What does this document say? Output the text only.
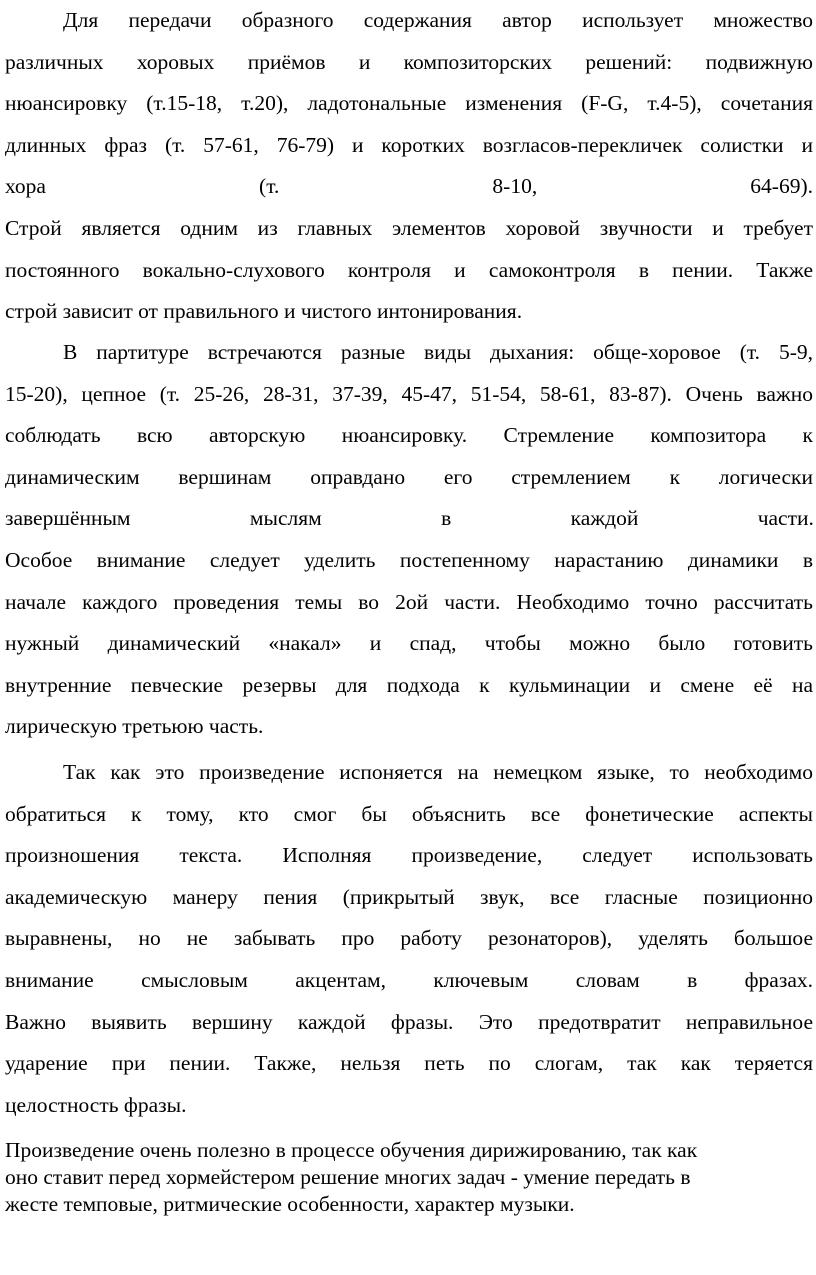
Для передачи образного содержания автор использует множество
различных хоровых приёмов и композиторских решений: подвижную
нюансировку (т.15-18, т.20), ладотональные изменения (F-G, т.4-5), сочетания
длинных фраз (т. 57-61, 76-79) и коротких возгласов-перекличек солистки и
хора (т. 8-10, 64-69).
Строй является одним из главных элементов хоровой звучности и требует
постоянного вокально-слухового контроля и самоконтроля в пении. Также
строй зависит от правильного и чистого интонирования.

В партитуре встречаются разные виды дыхания: обще-хоровое (т. 5-9,
15-20), цепное (т. 25-26, 28-31, 37-39, 45-47, 51-54, 58-61, 83-87). Очень важно
соблюдать всю авторскую нюансировку. Стремление композитора к
динамическим вершинам оправдано его стремлением к логически
завершённым мыслям в каждой части.
Особое внимание следует уделить постепенному нарастанию динамики в
начале каждого проведения темы во 2ой части. Необходимо точно рассчитать
нужный динамический «накал» и спад, чтобы можно было готовить
внутренние певческие резервы для подхода к кульминации и смене её на
лирическую третьюю часть.

Так как это произведение испоняется на немецком языке, то необходимо
обратиться к тому, кто смог бы объяснить все фонетические аспекты
произношения текста. Исполняя произведение, следует использовать
академическую манеру пения (прикрытый звук, все гласные позиционно
выравнены, но не забывать про работу резонаторов), уделять большое
внимание смысловым акцентам, ключевым словам в фразах.
Важно выявить вершину каждой фразы. Это предотвратит неправильное
ударение при пении. Также, нельзя петь по слогам, так как теряется
целостность фразы.

Произведение очень полезно в процессе обучения дирижированию, так как
оно ставит перед хормейстером решение многих задач - умение передать в
жесте темповые, ритмические особенности, характер музыки.
